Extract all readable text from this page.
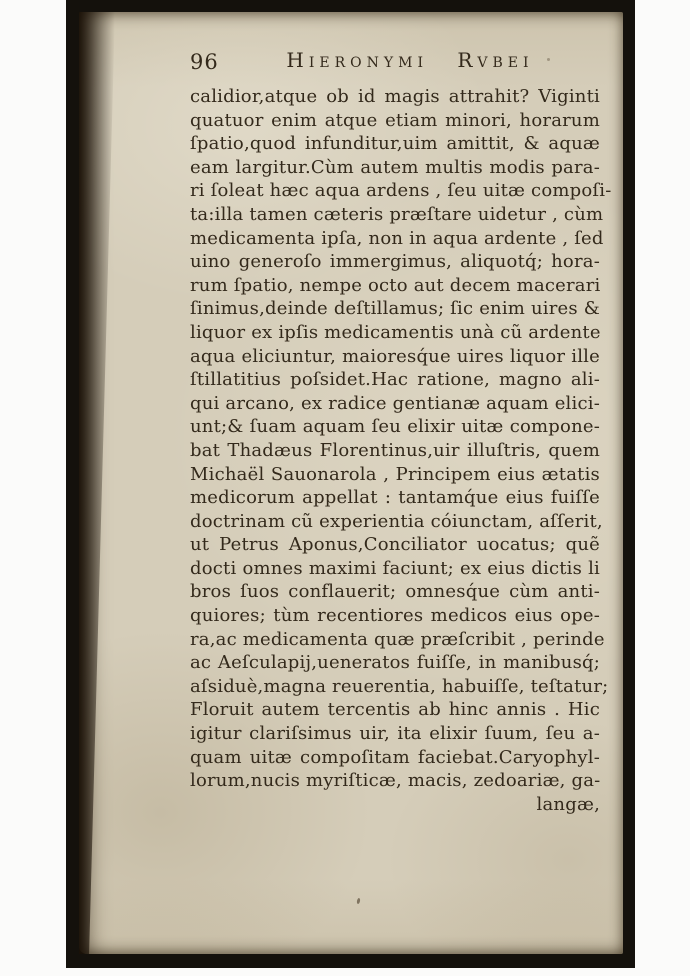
96	Hieronymi Rvbei
calidior,atque ob id magis attrahit? Viginti
quatuor enim atque etiam minori, horarum
ſpatio,quod infunditur,uim amittit, & aquæ
eam largitur.Cùm autem multis modis para-
ri ſoleat hæc aqua ardens , ſeu uitæ compoſi-
ta:illa tamen cæteris præſtare uidetur , cùm
medicamenta ipſa, non in aqua ardente , ſed
uino generoſo immergimus, aliquotq́; hora-
rum ſpatio, nempe octo aut decem macerari
ſinimus,deinde deſtillamus; ſic enim uires &
liquor ex ipſis medicamentis unà cũ ardente
aqua eliciuntur, maioresq́ue uires liquor ille
ſtillatitius poſsidet.Hac ratione, magno ali-
qui arcano, ex radice gentianæ aquam elici-
unt;& ſuam aquam ſeu elixir uitæ compone-
bat Thadæus Florentinus,uir illuſtris, quem
Michaël Sauonarola , Principem eius ætatis
medicorum appellat : tantamq́ue eius fuiſſe
doctrinam cũ experientia cóiunctam, aſſerit,
ut Petrus Aponus,Conciliator uocatus; quẽ
docti omnes maximi faciunt; ex eius dictis li
bros ſuos conflauerit; omnesq́ue cùm anti-
quiores; tùm recentiores medicos eius ope-
ra,ac medicamenta quæ præſcribit , perinde
ac Aeſculapij,ueneratos fuiſſe, in manibusq́;
aſsiduè,magna reuerentia, habuiſſe, teſtatur;
Floruit autem tercentis ab hinc annis . Hic
igitur clariſsimus uir, ita elixir ſuum, ſeu a-
quam uitæ compoſitam faciebat.Caryophyl-
lorum,nucis myriſticæ, macis, zedoariæ, ga-
langæ,
